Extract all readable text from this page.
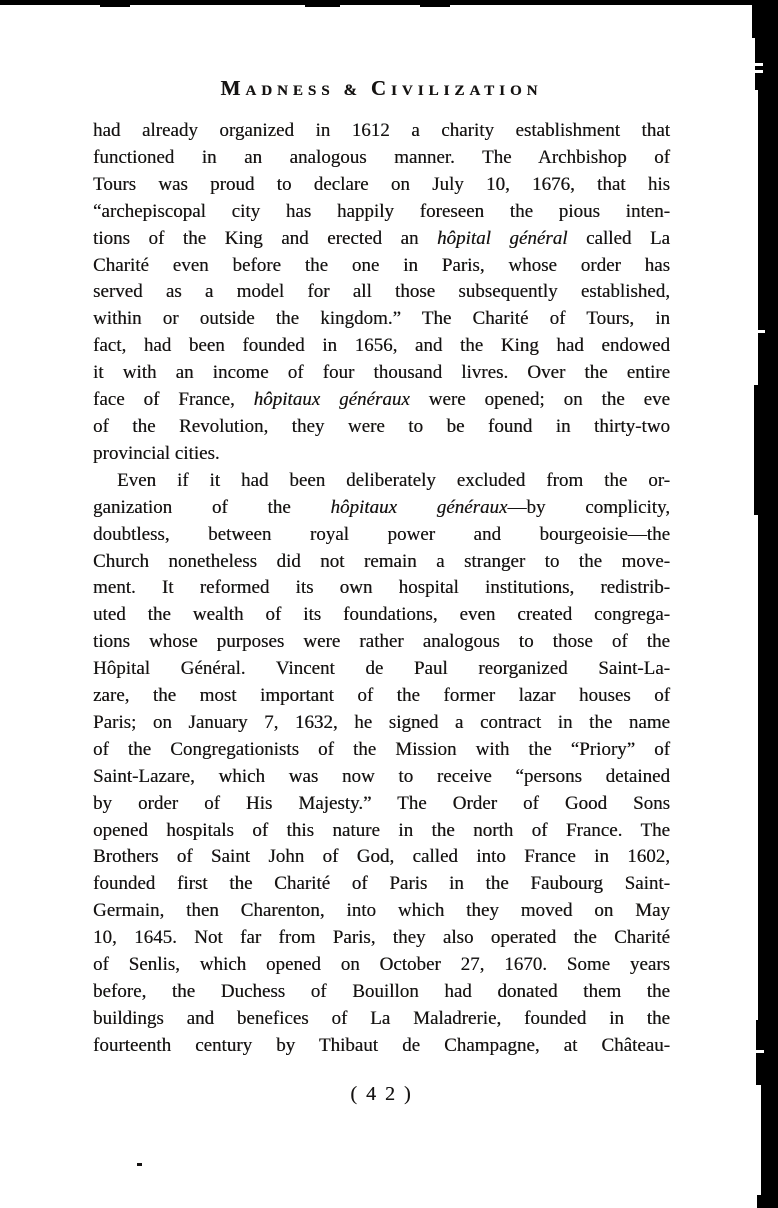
MADNESS & CIVILIZATION
had already organized in 1612 a charity establishment that
functioned in an analogous manner. The Archbishop of
Tours was proud to declare on July 10, 1676, that his
“archepiscopal city has happily foreseen the pious inten-
tions of the King and erected an hôpital général called La
Charité even before the one in Paris, whose order has
served as a model for all those subsequently established,
within or outside the kingdom.” The Charité of Tours, in
fact, had been founded in 1656, and the King had endowed
it with an income of four thousand livres. Over the entire
face of France, hôpitaux généraux were opened; on the eve
of the Revolution, they were to be found in thirty-two
provincial cities.
Even if it had been deliberately excluded from the or-
ganization of the hôpitaux généraux—by complicity,
doubtless, between royal power and bourgeoisie—the
Church nonetheless did not remain a stranger to the move-
ment. It reformed its own hospital institutions, redistrib-
uted the wealth of its foundations, even created congrega-
tions whose purposes were rather analogous to those of the
Hôpital Général. Vincent de Paul reorganized Saint-La-
zare, the most important of the former lazar houses of
Paris; on January 7, 1632, he signed a contract in the name
of the Congregationists of the Mission with the “Priory” of
Saint-Lazare, which was now to receive “persons detained
by order of His Majesty.” The Order of Good Sons
opened hospitals of this nature in the north of France. The
Brothers of Saint John of God, called into France in 1602,
founded first the Charité of Paris in the Faubourg Saint-
Germain, then Charenton, into which they moved on May
10, 1645. Not far from Paris, they also operated the Charité
of Senlis, which opened on October 27, 1670. Some years
before, the Duchess of Bouillon had donated them the
buildings and benefices of La Maladrerie, founded in the
fourteenth century by Thibaut de Champagne, at Château-
( 4 2 )
